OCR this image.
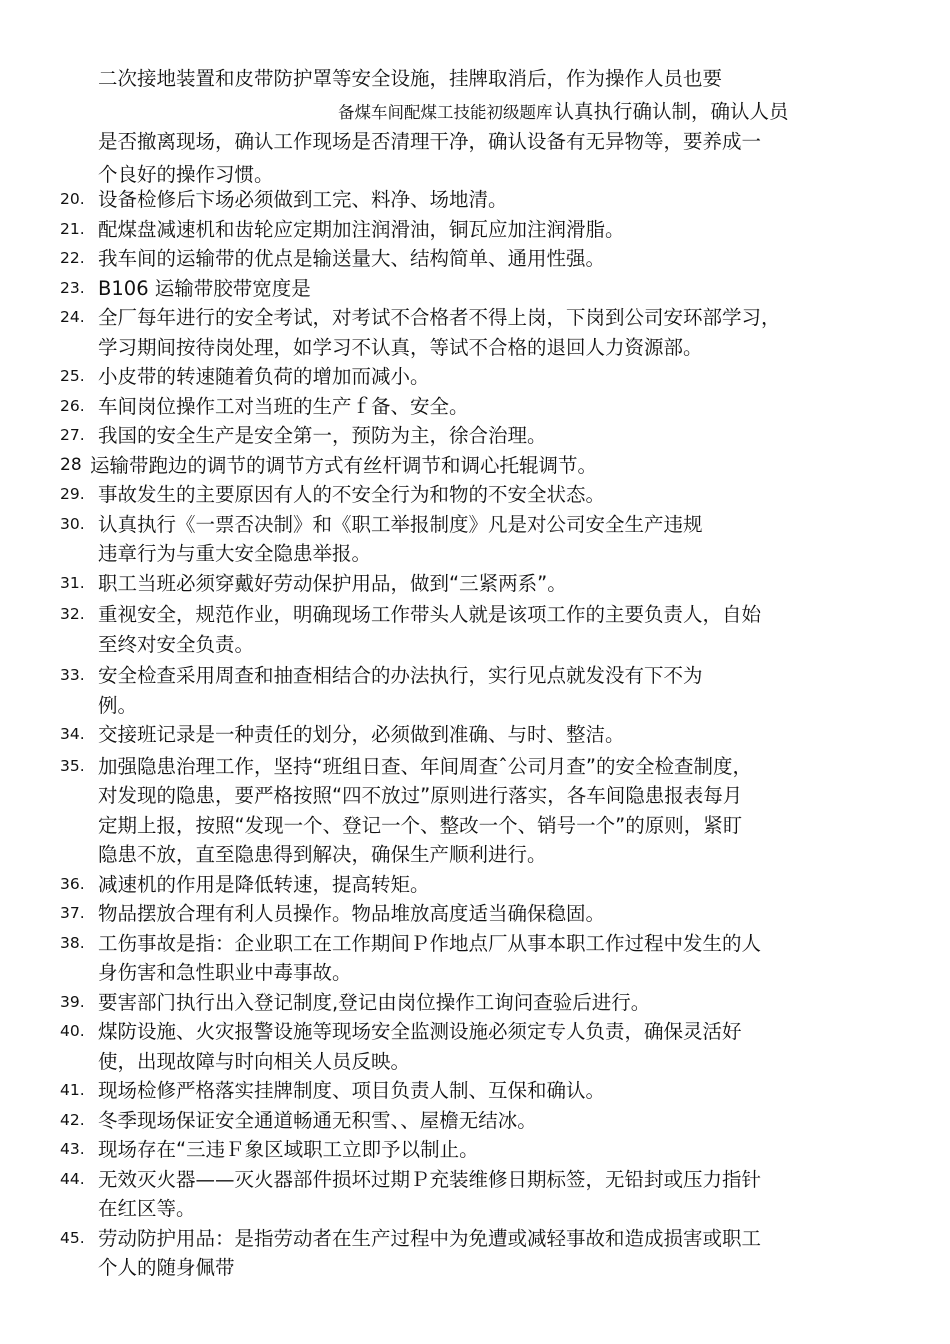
二次接地装置和皮带防护罩等安全设施，挂牌取消后，作为操作人员也要
备煤车间配煤工技能初级题库 认真执行确认制，确认人员
是否撤离现场，确认工作现场是否清理干净，确认设备有无异物等，要养成一
个良好的操作习惯。
20. 设备检修后卞场必须做到工完、料净、场地清。
21. 配煤盘减速机和齿轮应定期加注润滑油，铜瓦应加注润滑脂。
22. 我车间的运输带的优点是输送量大、结构简单、通用性强。
23. B106 运输带胶带宽度是
24. 全厂每年进行的安全考试，对考试不合格者不得上岗，下岗到公司安环部学习，
学习期间按待岗处理，如学习不认真，等试不合格的退回人力资源部。
25. 小皮带的转速随着负荷的增加而减小。
26. 车间岗位操作工对当班的生产ｆ备、安全。
27. 我国的安全生产是安全第一，预防为主，徐合治理。
28 运输带跑边的调节的调节方式有丝杆调节和调心托辊调节。
29. 事故发生的主要原因有人的不安全行为和物的不安全状态。
30. 认真执行《一票否决制》和《职工举报制度》凡是对公司安全生产违规
违章行为与重大安全隐患举报。
31. 职工当班必须穿戴好劳动保护用品，做到“三紧两系”。
32. 重视安全，规范作业，明确现场工作带头人就是该项工作的主要负责人，自始
至终对安全负责。
33. 安全检查采用周查和抽查相结合的办法执行，实行见点就发没有下不为
例。
34. 交接班记录是一种责任的划分，必须做到准确、与时、整洁。
35. 加强隐患治理工作，坚持“班组日查、年间周查ˆ公司月查”的安全检查制度，
对发现的隐患，要严格按照“四不放过”原则进行落实，各车间隐患报表每月
定期上报，按照“发现一个、登记一个、整改一个、销号一个”的原则，紧盯
隐患不放，直至隐患得到解决，确保生产顺利进行。
36. 减速机的作用是降低转速，提高转矩。
37. 物品摆放合理有利人员操作。物品堆放高度适当确保稳固。
38. 工伤事故是指：企业职工在工作期间Ｐ作地点厂从事本职工作过程中发生的人
身伤害和急性职业中毒事故。
39. 要害部门执行出入登记制度,登记由岗位操作工询问查验后进行。
40. 煤防设施、火灾报警设施等现场安全监测设施必须定专人负责，确保灵活好
使，出现故障与时向相关人员反映。
41. 现场检修严格落实挂牌制度、项目负责人制、互保和确认。
42. 冬季现场保证安全通道畅通无积雪、、屋檐无结冰。
43. 现场存在“三违Ｆ象区域职工立即予以制止。
44. 无效灭火器——灭火器部件损坏过期Ｐ充装维修日期标签，无铅封或压力指针
在红区等。
45. 劳动防护用品：是指劳动者在生产过程中为免遭或减轻事故和造成损害或职工
个人的随身佩带
